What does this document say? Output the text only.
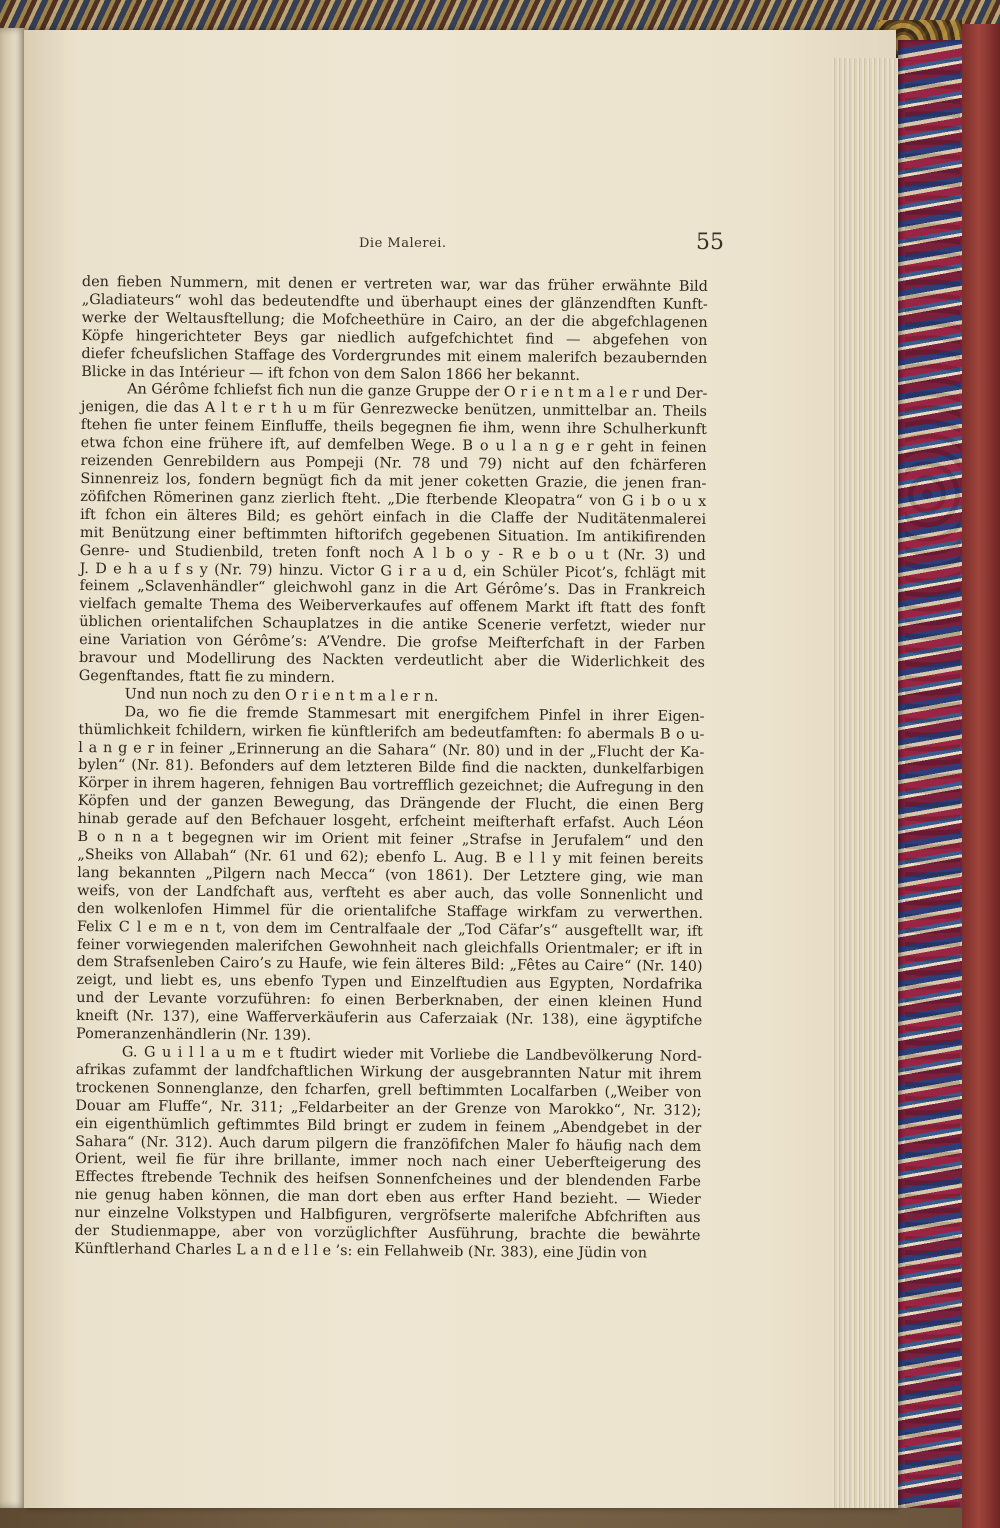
Die Malerei.	55
den fieben Nummern, mit denen er vertreten war, war das früher erwähnte Bild
„Gladiateurs“ wohl das bedeutendfte und überhaupt eines der glänzendften Kunft-
werke der Weltausftellung; die Mofcheethüre in Cairo, an der die abgefchlagenen
Köpfe hingerichteter Beys gar niedlich aufgefchichtet find — abgefehen von
diefer fcheufslichen Staffage des Vordergrundes mit einem malerifch bezaubernden
Blicke in das Intérieur — ift fchon von dem Salon 1866 her bekannt.
An Gérôme fchliefst fich nun die ganze Gruppe der O r i e n t m a l e r und Der-
jenigen, die das A l t e r t h u m für Genrezwecke benützen, unmittelbar an. Theils
ftehen fie unter feinem Einfluffe, theils begegnen fie ihm, wenn ihre Schulherkunft
etwa fchon eine frühere ift, auf demfelben Wege. B o u l a n g e r geht in feinen
reizenden Genrebildern aus Pompeji (Nr. 78 und 79) nicht auf den fchärferen
Sinnenreiz los, fondern begnügt fich da mit jener coketten Grazie, die jenen fran-
zöfifchen Römerinen ganz zierlich fteht. „Die fterbende Kleopatra“ von G i b o u x
ift fchon ein älteres Bild; es gehört einfach in die Claffe der Nuditätenmalerei
mit Benützung einer beftimmten hiftorifch gegebenen Situation. Im antikifirenden
Genre- und Studienbild, treten fonft noch A l b o y - R e b o u t (Nr. 3) und
J. D e h a u f s y (Nr. 79) hinzu. Victor G i r a u d, ein Schüler Picot’s, fchlägt mit
feinem „Sclavenhändler“ gleichwohl ganz in die Art Gérôme’s. Das in Frankreich
vielfach gemalte Thema des Weiberverkaufes auf offenem Markt ift ftatt des fonft
üblichen orientalifchen Schauplatzes in die antike Scenerie verfetzt, wieder nur
eine Variation von Gérôme’s: A’Vendre. Die grofse Meifterfchaft in der Farben
bravour und Modellirung des Nackten verdeutlicht aber die Widerlichkeit des
Gegenftandes, ftatt fie zu mindern.
Und nun noch zu den O r i e n t m a l e r n.
Da, wo fie die fremde Stammesart mit energifchem Pinfel in ihrer Eigen-
thümlichkeit fchildern, wirken fie künftlerifch am bedeutfamften: fo abermals B o u-
l a n g e r in feiner „Erinnerung an die Sahara“ (Nr. 80) und in der „Flucht der Ka-
bylen“ (Nr. 81). Befonders auf dem letzteren Bilde find die nackten, dunkelfarbigen
Körper in ihrem hageren, fehnigen Bau vortrefflich gezeichnet; die Aufregung in den
Köpfen und der ganzen Bewegung, das Drängende der Flucht, die einen Berg
hinab gerade auf den Befchauer losgeht, erfcheint meifterhaft erfafst. Auch Léon
B o n n a t begegnen wir im Orient mit feiner „Strafse in Jerufalem“ und den
„Sheiks von Allabah“ (Nr. 61 und 62); ebenfo L. Aug. B e l l y mit feinen bereits
lang bekannten „Pilgern nach Mecca“ (von 1861). Der Letztere ging, wie man
weifs, von der Landfchaft aus, verfteht es aber auch, das volle Sonnenlicht und
den wolkenlofen Himmel für die orientalifche Staffage wirkfam zu verwerthen.
Felix C l e m e n t, von dem im Centralfaale der „Tod Cäfar’s“ ausgeftellt war, ift
feiner vorwiegenden malerifchen Gewohnheit nach gleichfalls Orientmaler; er ift in
dem Strafsenleben Cairo’s zu Haufe, wie fein älteres Bild: „Fêtes au Caire“ (Nr. 140)
zeigt, und liebt es, uns ebenfo Typen und Einzelftudien aus Egypten, Nordafrika
und der Levante vorzuführen: fo einen Berberknaben, der einen kleinen Hund
kneift (Nr. 137), eine Wafferverkäuferin aus Caferzaiak (Nr. 138), eine ägyptifche
Pomeranzenhändlerin (Nr. 139).
G. G u i l l a u m e t ftudirt wieder mit Vorliebe die Landbevölkerung Nord-
afrikas zufammt der landfchaftlichen Wirkung der ausgebrannten Natur mit ihrem
trockenen Sonnenglanze, den fcharfen, grell beftimmten Localfarben („Weiber von
Douar am Fluffe“, Nr. 311; „Feldarbeiter an der Grenze von Marokko“, Nr. 312);
ein eigenthümlich geftimmtes Bild bringt er zudem in feinem „Abendgebet in der
Sahara“ (Nr. 312). Auch darum pilgern die franzöfifchen Maler fo häufig nach dem
Orient, weil fie für ihre brillante, immer noch nach einer Ueberfteigerung des
Effectes ftrebende Technik des heifsen Sonnenfcheines und der blendenden Farbe
nie genug haben können, die man dort eben aus erfter Hand bezieht. — Wieder
nur einzelne Volkstypen und Halbfiguren, vergröfserte malerifche Abfchriften aus
der Studienmappe, aber von vorzüglichfter Ausführung, brachte die bewährte
Künftlerhand Charles L a n d e l l e ’s: ein Fellahweib (Nr. 383), eine Jüdin von
